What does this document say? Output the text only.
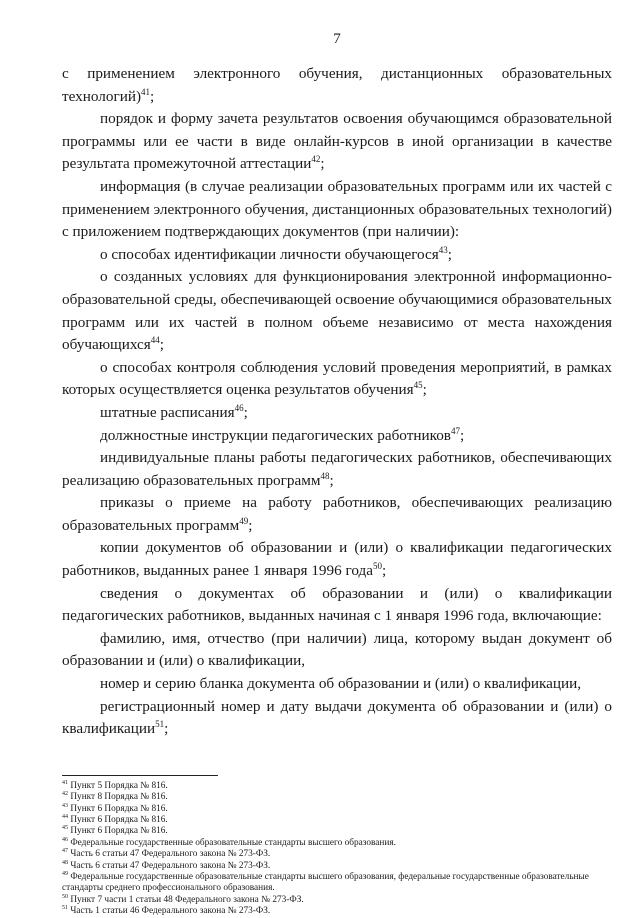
7

с применением электронного обучения, дистанционных образовательных технологий)$^{41}$;

порядок и форму зачета результатов освоения обучающимся образовательной программы или ее части в виде онлайн-курсов в иной организации в качестве результата промежуточной аттестации$^{42}$;

информация (в случае реализации образовательных программ или их частей с применением электронного обучения, дистанционных образовательных технологий) с приложением подтверждающих документов (при наличии):

о способах идентификации личности обучающегося$^{43}$;

о созданных условиях для функционирования электронной информационно-образовательной среды, обеспечивающей освоение обучающимися образовательных программ или их частей в полном объеме независимо от места нахождения обучающихся$^{44}$;

о способах контроля соблюдения условий проведения мероприятий, в рамках которых осуществляется оценка результатов обучения$^{45}$;

штатные расписания$^{46}$;

должностные инструкции педагогических работников$^{47}$;

индивидуальные планы работы педагогических работников, обеспечивающих реализацию образовательных программ$^{48}$;

приказы о приеме на работу работников, обеспечивающих реализацию образовательных программ$^{49}$;

копии документов об образовании и (или) о квалификации педагогических работников, выданных ранее 1 января 1996 года$^{50}$;

сведения о документах об образовании и (или) о квалификации педагогических работников, выданных начиная с 1 января 1996 года, включающие:

фамилию, имя, отчество (при наличии) лица, которому выдан документ об образовании и (или) о квалификации,

номер и серию бланка документа об образовании и (или) о квалификации,

регистрационный номер и дату выдачи документа об образовании и (или) о квалификации$^{51}$;

$^{41}$ Пункт 5 Порядка № 816.

$^{42}$ Пункт 8 Порядка № 816.

$^{43}$ Пункт 6 Порядка № 816.

$^{44}$ Пункт 6 Порядка № 816.

$^{45}$ Пункт 6 Порядка № 816.

$^{46}$ Федеральные государственные образовательные стандарты высшего образования.

$^{47}$ Часть 6 статьи 47 Федерального закона № 273-ФЗ.

$^{48}$ Часть 6 статьи 47 Федерального закона № 273-ФЗ.

$^{49}$ Федеральные государственные образовательные стандарты высшего образования, федеральные государственные образовательные стандарты среднего профессионального образования.

$^{50}$ Пункт 7 части 1 статьи 48 Федерального закона № 273-ФЗ.

$^{51}$ Часть 1 статьи 46 Федерального закона № 273-ФЗ.
